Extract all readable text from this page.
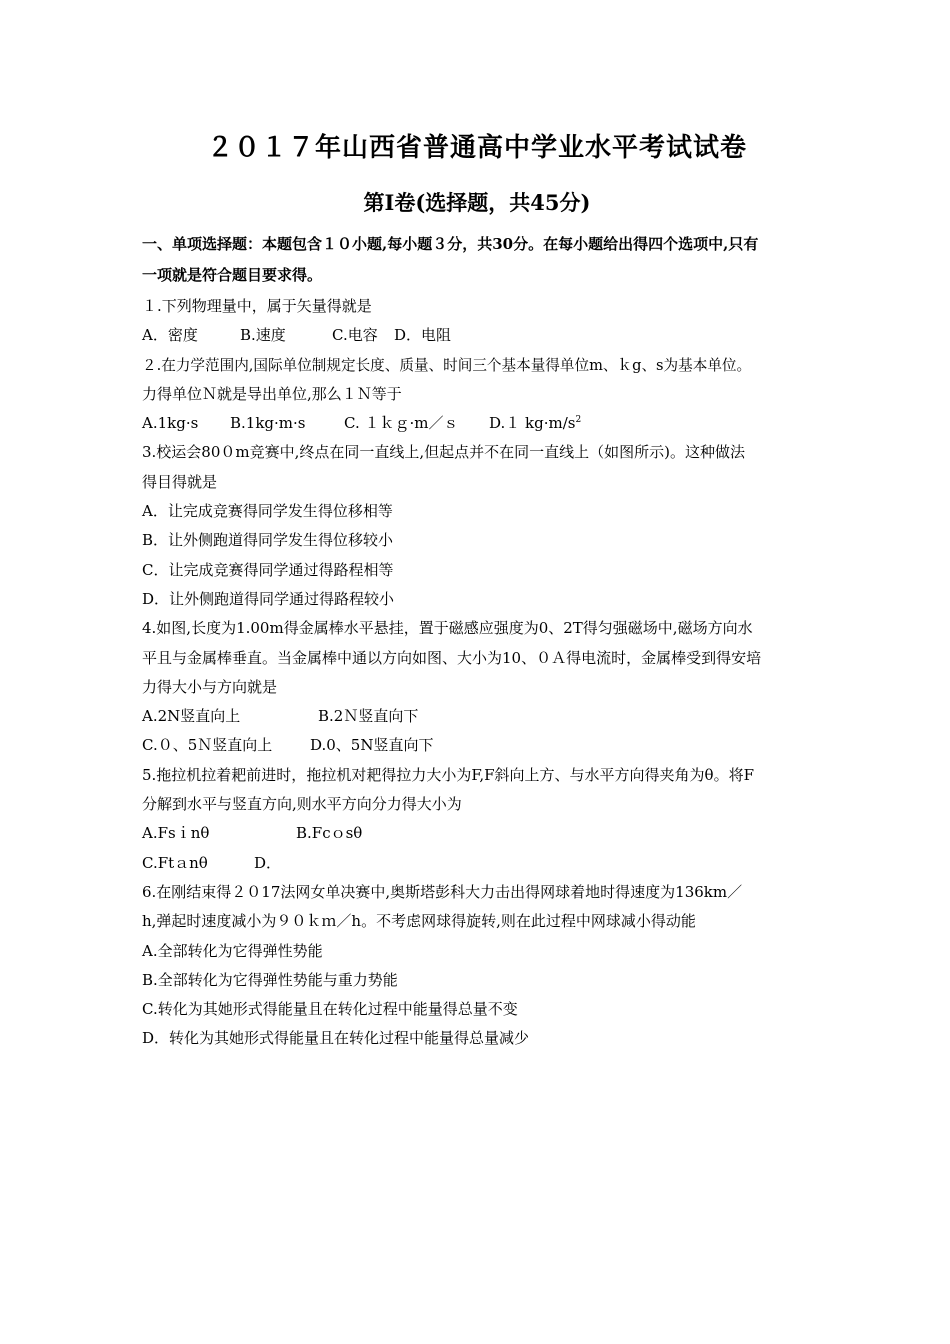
２０１７年山西省普通高中学业水平考试试卷
第Ⅰ卷(选择题，共45分)
一、单项选择题：本题包含１０小题,每小题３分，共30分。在每小题给出得四个选项中,只有
一项就是符合题目要求得。
１.下列物理量中，属于矢量得就是
A．密度	B.速度	C.电容 D．电阻
２.在力学范围内,国际单位制规定长度、质量、时间三个基本量得单位m、ｋg、s为基本单位。
力得单位Ｎ就是导出单位,那么１Ｎ等于
A.1kg·s B.1kg·m·s	C. １ｋｇ·m／ｓ D.１ $kg\cdot m/s^2$
3.校运会80０m竞赛中,终点在同一直线上,但起点并不在同一直线上（如图所示)。这种做法
得目得就是
A．让完成竞赛得同学发生得位移相等
B．让外侧跑道得同学发生得位移较小
C．让完成竞赛得同学通过得路程相等
D．让外侧跑道得同学通过得路程较小
4.如图,长度为1.00m得金属棒水平悬挂，置于磁感应强度为0、2T得匀强磁场中,磁场方向水
平且与金属棒垂直。当金属棒中通以方向如图、大小为10、０Ａ得电流时，金属棒受到得安培
力得大小与方向就是
A.2N竖直向上	B.2Ｎ竖直向下
C.０、5Ｎ竖直向上	D.0、5N竖直向下
5.拖拉机拉着耙前进时，拖拉机对耙得拉力大小为F,F斜向上方、与水平方向得夹角为θ。将F
分解到水平与竖直方向,则水平方向分力得大小为
A.Fsｉnθ	B.Fcｏsθ
C.Ftａnθ	D．
6.在刚结束得２０17法网女单决赛中,奥斯塔彭科大力击出得网球着地时得速度为136km／
h,弹起时速度减小为９０ｋｍ／h。不考虑网球得旋转,则在此过程中网球减小得动能
A.全部转化为它得弹性势能
B.全部转化为它得弹性势能与重力势能
C.转化为其她形式得能量且在转化过程中能量得总量不变
D．转化为其她形式得能量且在转化过程中能量得总量减少
